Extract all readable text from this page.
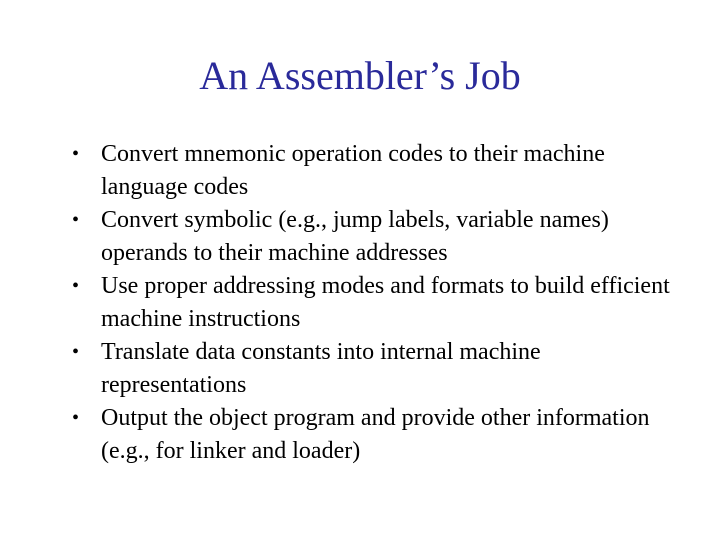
An Assembler’s Job
• Convert mnemonic operation codes to their machine language codes
• Convert symbolic (e.g., jump labels, variable names) operands to their machine addresses
• Use proper addressing modes and formats to build efficient machine instructions
• Translate data constants into internal machine representations
• Output the object program and provide other information (e.g., for linker and loader)
